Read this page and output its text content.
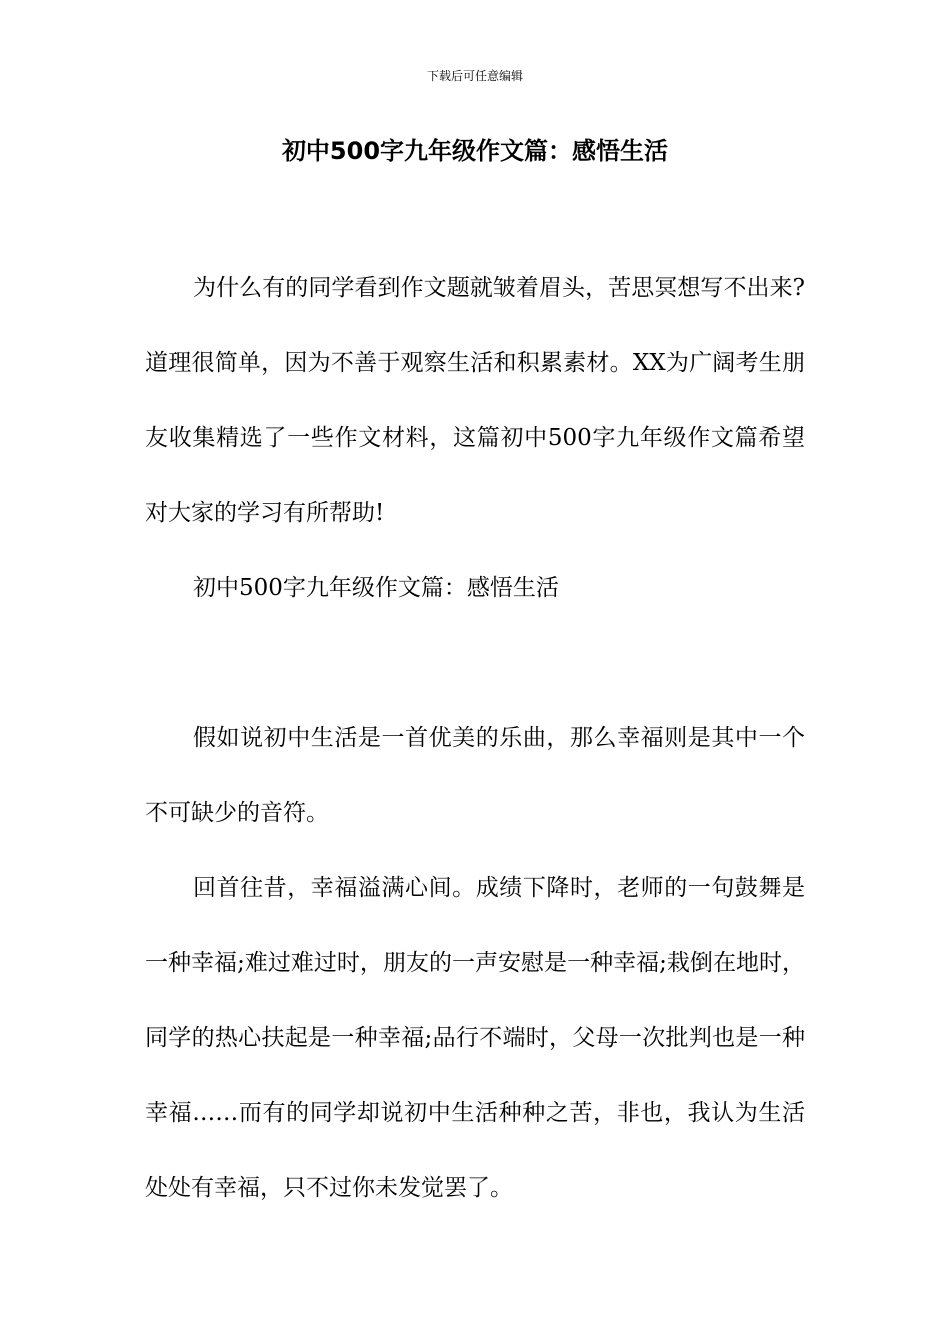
下载后可任意编辑
初中500字九年级作文篇：感悟生活

为什么有的同学看到作文题就皱着眉头，苦思冥想写不出来?道理很简单，因为不善于观察生活和积累素材。XX为广阔考生朋友收集精选了一些作文材料，这篇初中500字九年级作文篇希望对大家的学习有所帮助!

初中500字九年级作文篇：感悟生活

假如说初中生活是一首优美的乐曲，那么幸福则是其中一个不可缺少的音符。

回首往昔，幸福溢满心间。成绩下降时，老师的一句鼓舞是一种幸福;难过难过时，朋友的一声安慰是一种幸福;栽倒在地时，同学的热心扶起是一种幸福;品行不端时，父母一次批判也是一种幸福……而有的同学却说初中生活种种之苦，非也，我认为生活处处有幸福，只不过你未发觉罢了。
